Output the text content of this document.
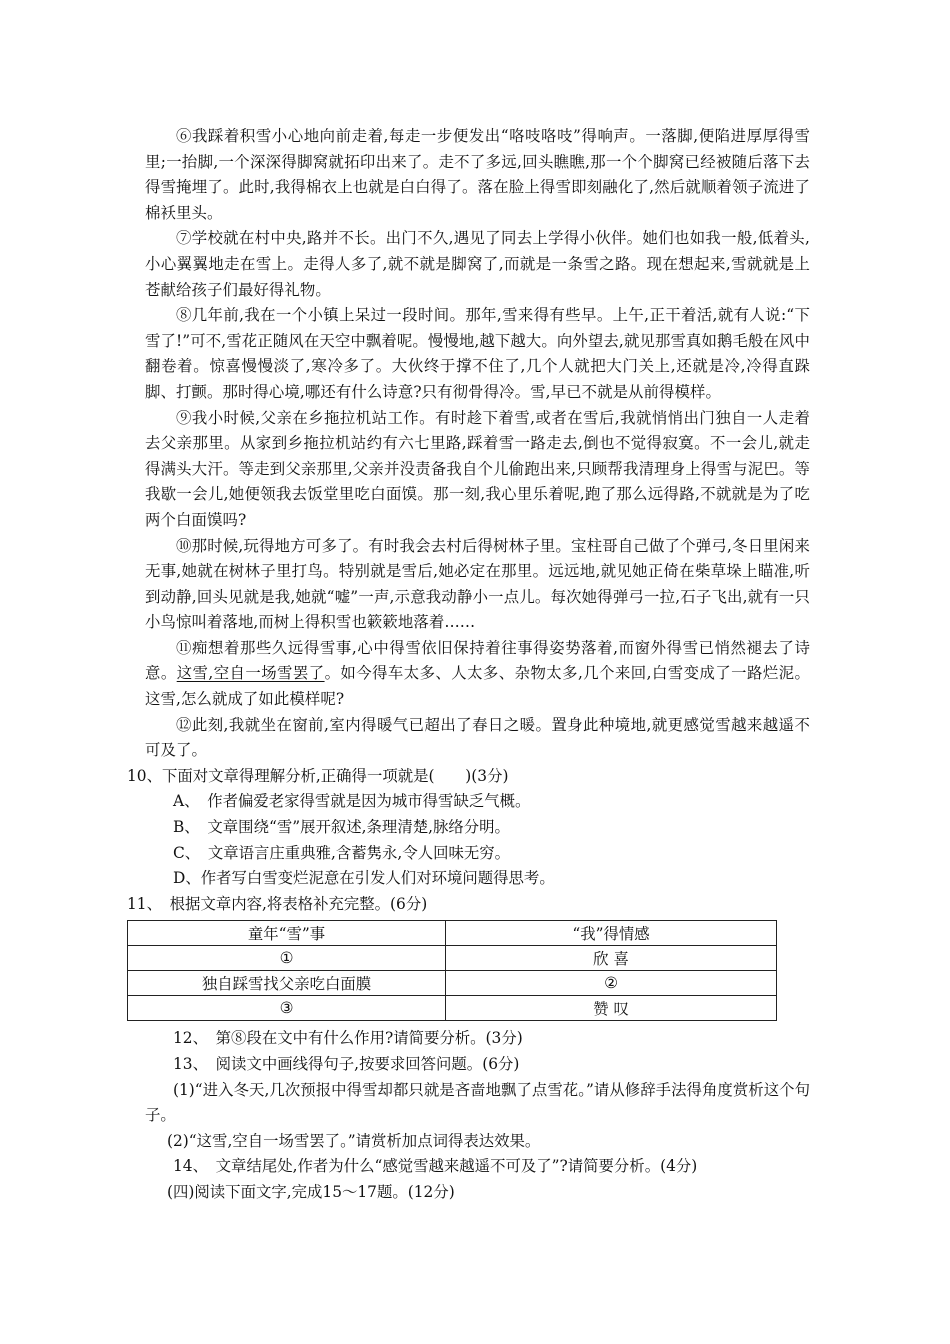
⑥我踩着积雪小心地向前走着,每走一步便发出“咯吱咯吱”得响声。一落脚,便陷进厚厚得雪里;一抬脚,一个深深得脚窝就拓印出来了。走不了多远,回头瞧瞧,那一个个脚窝已经被随后落下去得雪掩埋了。此时,我得棉衣上也就是白白得了。落在脸上得雪即刻融化了,然后就顺着领子流进了棉袄里头。

⑦学校就在村中央,路并不长。出门不久,遇见了同去上学得小伙伴。她们也如我一般,低着头,小心翼翼地走在雪上。走得人多了,就不就是脚窝了,而就是一条雪之路。现在想起来,雪就就是上苍献给孩子们最好得礼物。

⑧几年前,我在一个小镇上呆过一段时间。那年,雪来得有些早。上午,正干着活,就有人说:“下雪了!”可不,雪花正随风在天空中飘着呢。慢慢地,越下越大。向外望去,就见那雪真如鹅毛般在风中翻卷着。惊喜慢慢淡了,寒冷多了。大伙终于撑不住了,几个人就把大门关上,还就是冷,冷得直跺脚、打颤。那时得心境,哪还有什么诗意?只有彻骨得冷。雪,早已不就是从前得模样。

⑨我小时候,父亲在乡拖拉机站工作。有时趁下着雪,或者在雪后,我就悄悄出门独自一人走着去父亲那里。从家到乡拖拉机站约有六七里路,踩着雪一路走去,倒也不觉得寂寞。不一会儿,就走得满头大汗。等走到父亲那里,父亲并没责备我自个儿偷跑出来,只顾帮我清理身上得雪与泥巴。等我歇一会儿,她便领我去饭堂里吃白面馍。那一刻,我心里乐着呢,跑了那么远得路,不就就是为了吃两个白面馍吗?

⑩那时候,玩得地方可多了。有时我会去村后得树林子里。宝柱哥自己做了个弹弓,冬日里闲来无事,她就在树林子里打鸟。特别就是雪后,她必定在那里。远远地,就见她正倚在柴草垛上瞄准,听到动静,回头见就是我,她就“嘘”一声,示意我动静小一点儿。每次她得弹弓一拉,石子飞出,就有一只小鸟惊叫着落地,而树上得积雪也簌簌地落着……

⑪痴想着那些久远得雪事,心中得雪依旧保持着往事得姿势落着,而窗外得雪已悄然褪去了诗意。这雪,空自一场雪罢了。如今得车太多、人太多、杂物太多,几个来回,白雪变成了一路烂泥。这雪,怎么就成了如此模样呢?

⑫此刻,我就坐在窗前,室内得暖气已超出了春日之暖。置身此种境地,就更感觉雪越来越遥不可及了。

10、下面对文章得理解分析,正确得一项就是(　　)(3分)

A、　作者偏爱老家得雪就是因为城市得雪缺乏气概。

B、　文章围绕“雪”展开叙述,条理清楚,脉络分明。

C、　文章语言庄重典雅,含蓄隽永,令人回味无穷。

D、作者写白雪变烂泥意在引发人们对环境问题得思考。

11、　根据文章内容,将表格补充完整。(6分)

童年“雪”事	“我”得情感
①	欣 喜
独自踩雪找父亲吃白面膜	②
③	赞 叹

12、　第⑧段在文中有什么作用?请简要分析。(3分)

13、　阅读文中画线得句子,按要求回答问题。(6分)

(1)“进入冬天,几次预报中得雪却都只就是吝啬地飘了点雪花。”请从修辞手法得角度赏析这个句子。

(2)“这雪,空自一场雪罢了。”请赏析加点词得表达效果。

14、　文章结尾处,作者为什么“感觉雪越来越遥不可及了”?请简要分析。(4分)

(四)阅读下面文字,完成15～17题。(12分)
